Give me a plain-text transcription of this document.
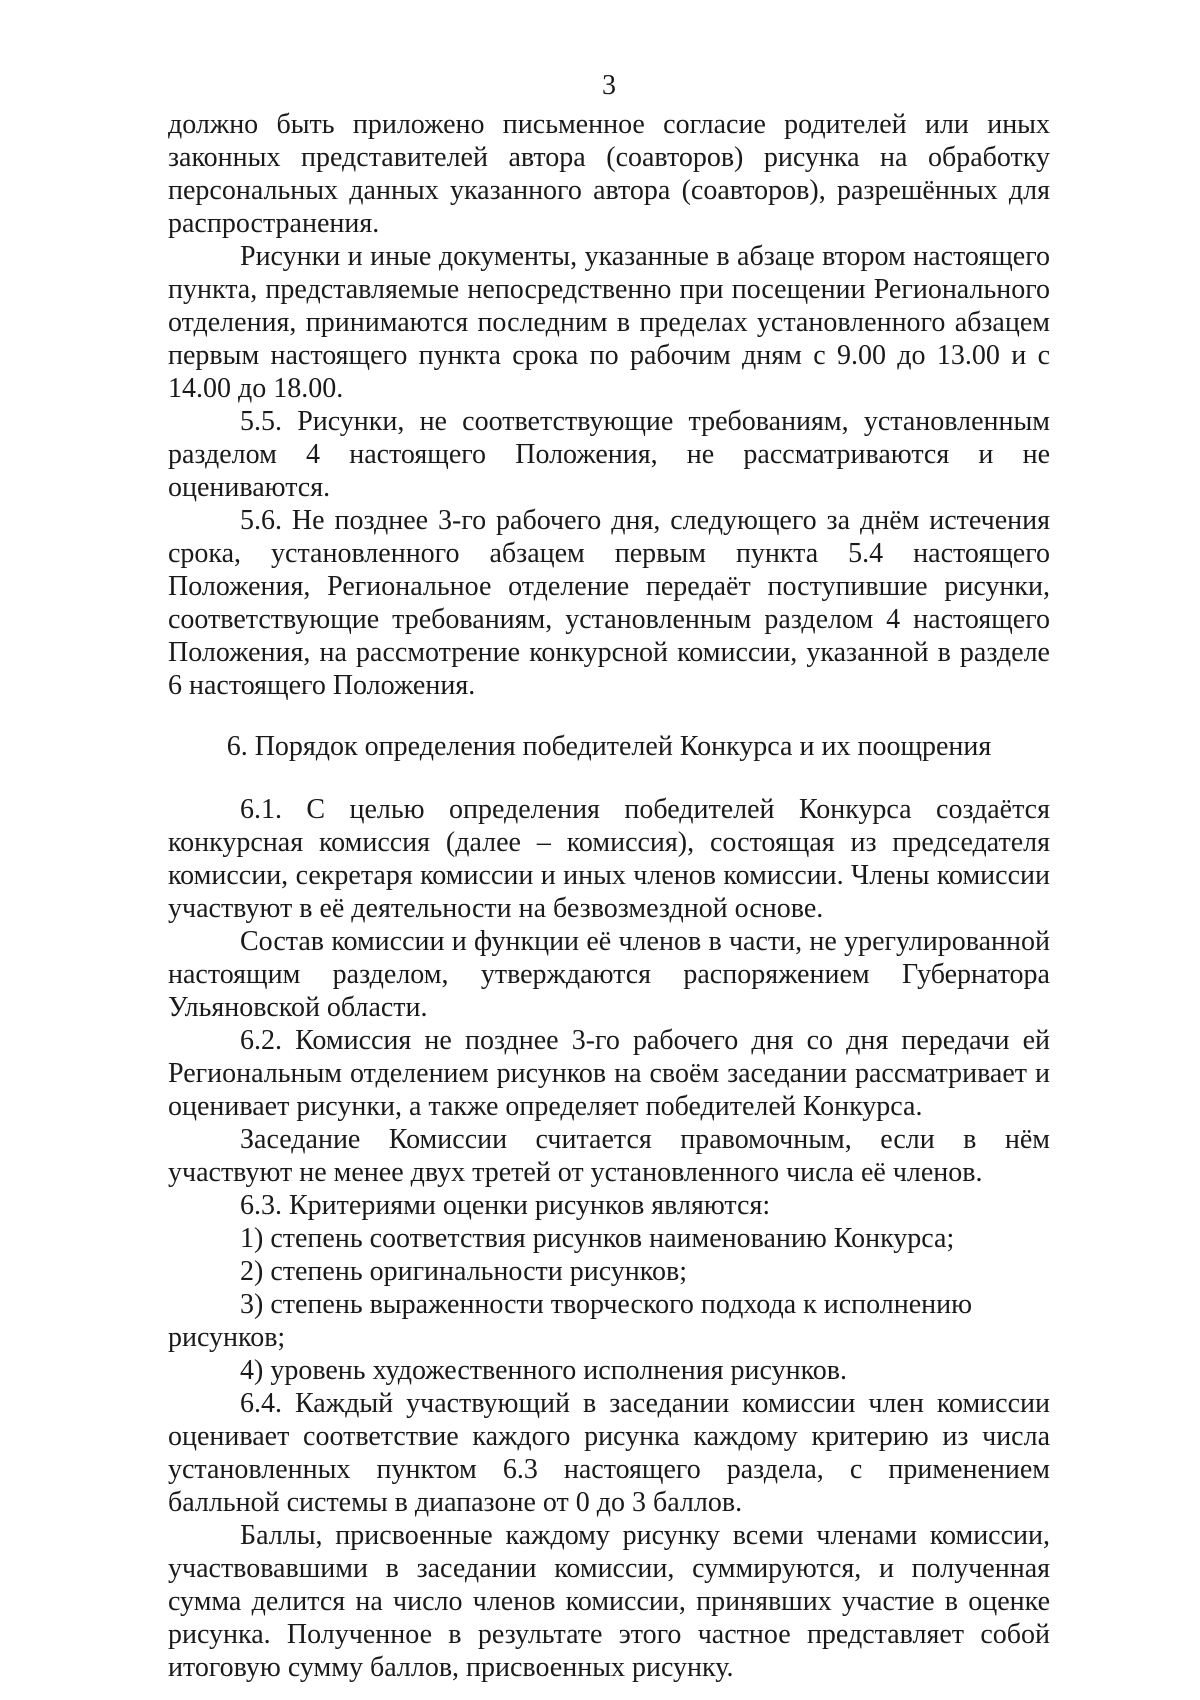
3

должно быть приложено письменное согласие родителей или иных законных представителей автора (соавторов) рисунка на обработку персональных данных указанного автора (соавторов), разрешённых для распространения.

Рисунки и иные документы, указанные в абзаце втором настоящего пункта, представляемые непосредственно при посещении Регионального отделения, принимаются последним в пределах установленного абзацем первым настоящего пункта срока по рабочим дням с 9.00 до 13.00 и с 14.00 до 18.00.

5.5. Рисунки, не соответствующие требованиям, установленным разделом 4 настоящего Положения, не рассматриваются и не оцениваются.

5.6. Не позднее 3-го рабочего дня, следующего за днём истечения срока, установленного абзацем первым пункта 5.4 настоящего Положения, Региональное отделение передаёт поступившие рисунки, соответствующие требованиям, установленным разделом 4 настоящего Положения, на рассмотрение конкурсной комиссии, указанной в разделе 6 настоящего Положения.

6. Порядок определения победителей Конкурса и их поощрения

6.1. С целью определения победителей Конкурса создаётся конкурсная комиссия (далее – комиссия), состоящая из председателя комиссии, секретаря комиссии и иных членов комиссии. Члены комиссии участвуют в её деятельности на безвозмездной основе.

Состав комиссии и функции её членов в части, не урегулированной настоящим разделом, утверждаются распоряжением Губернатора Ульяновской области.

6.2. Комиссия не позднее 3-го рабочего дня со дня передачи ей Региональным отделением рисунков на своём заседании рассматривает и оценивает рисунки, а также определяет победителей Конкурса.

Заседание Комиссии считается правомочным, если в нём участвуют не менее двух третей от установленного числа её членов.

6.3. Критериями оценки рисунков являются:

1) степень соответствия рисунков наименованию Конкурса;

2) степень оригинальности рисунков;

3) степень выраженности творческого подхода к исполнению рисунков;

4) уровень художественного исполнения рисунков.

6.4. Каждый участвующий в заседании комиссии член комиссии оценивает соответствие каждого рисунка каждому критерию из числа установленных пунктом 6.3 настоящего раздела, с применением балльной системы в диапазоне от 0 до 3 баллов.

Баллы, присвоенные каждому рисунку всеми членами комиссии, участвовавшими в заседании комиссии, суммируются, и полученная сумма делится на число членов комиссии, принявших участие в оценке рисунка. Полученное в результате этого частное представляет собой итоговую сумму баллов, присвоенных рисунку.
